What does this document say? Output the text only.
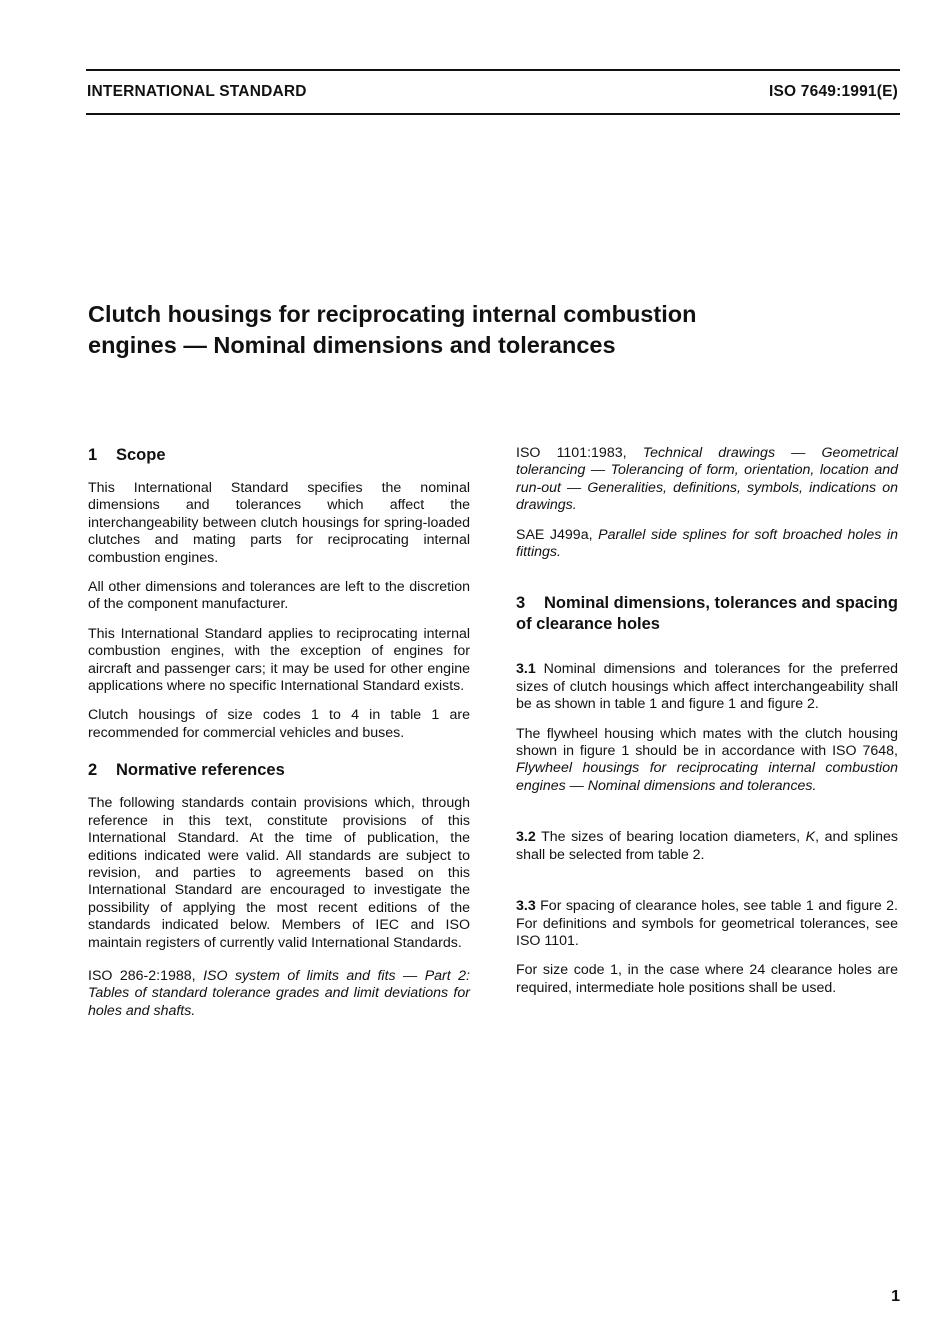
INTERNATIONAL STANDARD	ISO 7649:1991(E)
Clutch housings for reciprocating internal combustion
engines — Nominal dimensions and tolerances
1 Scope

This International Standard specifies the nominal dimensions and tolerances which affect the interchangeability between clutch housings for spring-loaded clutches and mating parts for reciprocating internal combustion engines.

All other dimensions and tolerances are left to the discretion of the component manufacturer.

This International Standard applies to reciprocating internal combustion engines, with the exception of engines for aircraft and passenger cars; it may be used for other engine applications where no specific International Standard exists.

Clutch housings of size codes 1 to 4 in table 1 are recommended for commercial vehicles and buses.

2 Normative references

The following standards contain provisions which, through reference in this text, constitute provisions of this International Standard. At the time of publication, the editions indicated were valid. All standards are subject to revision, and parties to agreements based on this International Standard are encouraged to investigate the possibility of applying the most recent editions of the standards indicated below. Members of IEC and ISO maintain registers of currently valid International Standards.

ISO 286-2:1988, ISO system of limits and fits — Part 2: Tables of standard tolerance grades and limit deviations for holes and shafts.

ISO 1101:1983, Technical drawings — Geometrical tolerancing — Tolerancing of form, orientation, location and run-out — Generalities, definitions, symbols, indications on drawings.

SAE J499a, Parallel side splines for soft broached holes in fittings.

3 Nominal dimensions, tolerances and spacing of clearance holes

3.1 Nominal dimensions and tolerances for the preferred sizes of clutch housings which affect interchangeability shall be as shown in table 1 and figure 1 and figure 2.

The flywheel housing which mates with the clutch housing shown in figure 1 should be in accordance with ISO 7648, Flywheel housings for reciprocating internal combustion engines — Nominal dimensions and tolerances.

3.2 The sizes of bearing location diameters, K, and splines shall be selected from table 2.

3.3 For spacing of clearance holes, see table 1 and figure 2. For definitions and symbols for geometrical tolerances, see ISO 1101.

For size code 1, in the case where 24 clearance holes are required, intermediate hole positions shall be used.

1
